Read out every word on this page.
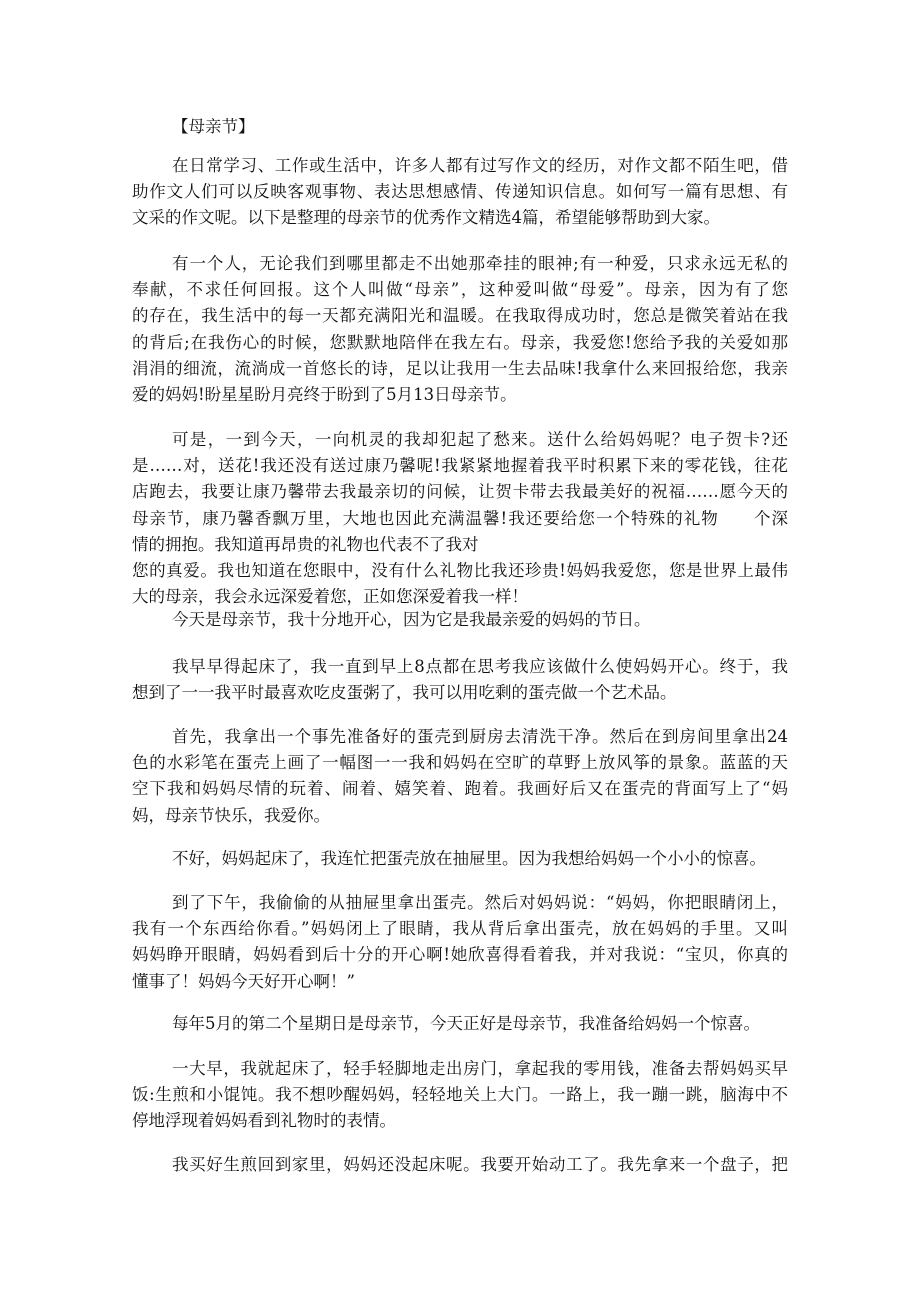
【母亲节】
在日常学习、工作或生活中，许多人都有过写作文的经历，对作文都不陌生吧，借
助作文人们可以反映客观事物、表达思想感情、传递知识信息。如何写一篇有思想、有
文采的作文呢。以下是整理的母亲节的优秀作文精选4篇，希望能够帮助到大家。
有一个人，无论我们到哪里都走不出她那牵挂的眼神;有一种爱，只求永远无私的
奉献，不求任何回报。这个人叫做“母亲”，这种爱叫做“母爱”。母亲，因为有了您
的存在，我生活中的每一天都充满阳光和温暖。在我取得成功时，您总是微笑着站在我
的背后;在我伤心的时候，您默默地陪伴在我左右。母亲，我爱您!您给予我的关爱如那
涓涓的细流，流淌成一首悠长的诗，足以让我用一生去品味!我拿什么来回报给您，我亲
爱的妈妈!盼星星盼月亮终于盼到了5月13日母亲节。
可是，一到今天，一向机灵的我却犯起了愁来。送什么给妈妈呢？电子贺卡?还
是……对，送花!我还没有送过康乃馨呢!我紧紧地握着我平时积累下来的零花钱，往花
店跑去，我要让康乃馨带去我最亲切的问候，让贺卡带去我最美好的祝福……愿今天的
母亲节，康乃馨香飘万里，大地也因此充满温馨!我还要给您一个特殊的礼物　　个深
情的拥抱。我知道再昂贵的礼物也代表不了我对
您的真爱。我也知道在您眼中，没有什么礼物比我还珍贵!妈妈我爱您，您是世界上最伟
大的母亲，我会永远深爱着您，正如您深爱着我一样！
今天是母亲节，我十分地开心，因为它是我最亲爱的妈妈的节日。
我早早得起床了，我一直到早上8点都在思考我应该做什么使妈妈开心。终于，我
想到了一一我平时最喜欢吃皮蛋粥了，我可以用吃剩的蛋壳做一个艺术品。
首先，我拿出一个事先准备好的蛋壳到厨房去清洗干净。然后在到房间里拿出24
色的水彩笔在蛋壳上画了一幅图一一我和妈妈在空旷的草野上放风筝的景象。蓝蓝的天
空下我和妈妈尽情的玩着、闹着、嬉笑着、跑着。我画好后又在蛋壳的背面写上了“妈
妈，母亲节快乐，我爱你。
不好，妈妈起床了，我连忙把蛋壳放在抽屉里。因为我想给妈妈一个小小的惊喜。
到了下午，我偷偷的从抽屉里拿出蛋壳。然后对妈妈说：“妈妈，你把眼睛闭上，
我有一个东西给你看。”妈妈闭上了眼睛，我从背后拿出蛋壳，放在妈妈的手里。又叫
妈妈睁开眼睛，妈妈看到后十分的开心啊!她欣喜得看着我，并对我说：“宝贝，你真的
懂事了！妈妈今天好开心啊！”
每年5月的第二个星期日是母亲节，今天正好是母亲节，我准备给妈妈一个惊喜。
一大早，我就起床了，轻手轻脚地走出房门，拿起我的零用钱，准备去帮妈妈买早
饭:生煎和小馄饨。我不想吵醒妈妈，轻轻地关上大门。一路上，我一蹦一跳，脑海中不
停地浮现着妈妈看到礼物时的表情。
我买好生煎回到家里，妈妈还没起床呢。我要开始动工了。我先拿来一个盘子，把
